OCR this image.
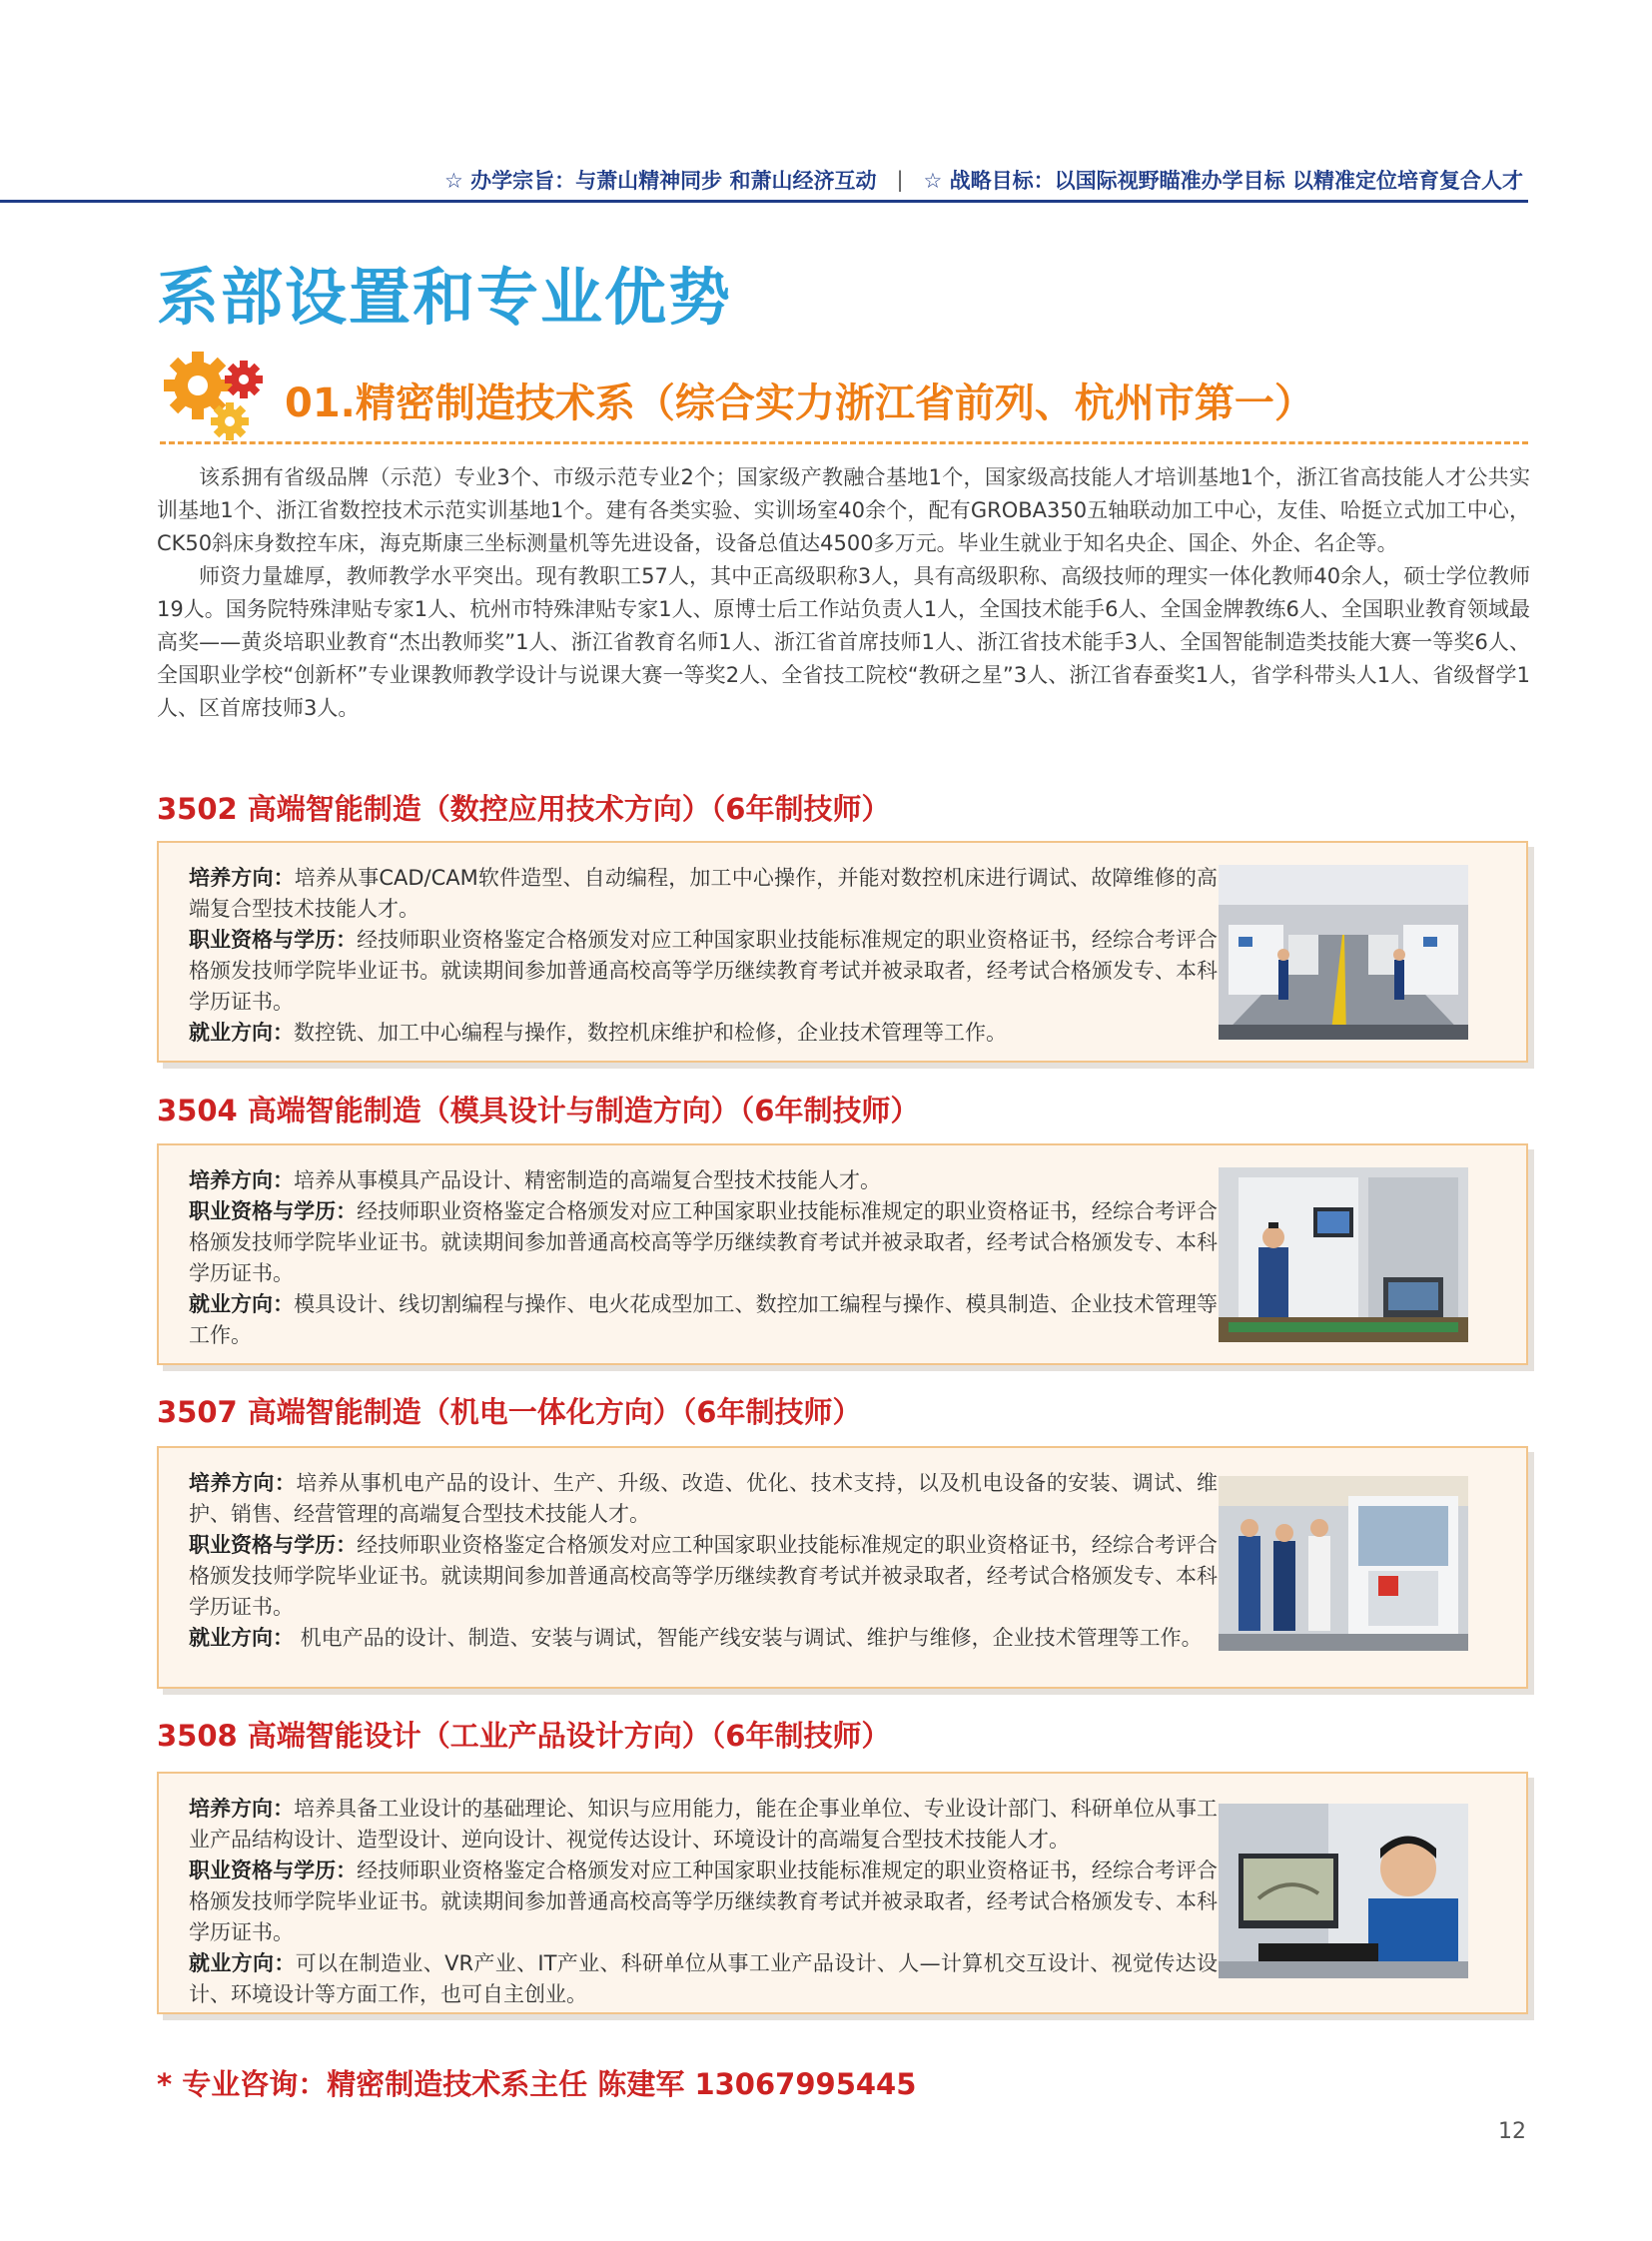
☆ 办学宗旨：与萧山精神同步 和萧山经济互动 | ☆ 战略目标：以国际视野瞄准办学目标 以精准定位培育复合人才
系部设置和专业优势
01.精密制造技术系（综合实力浙江省前列、杭州市第一）

该系拥有省级品牌（示范）专业3个、市级示范专业2个；国家级产教融合基地1个，国家级高技能人才培训基地1个，浙江省高技能人才公共实训基地1个、浙江省数控技术示范实训基地1个。建有各类实验、实训场室40余个，配有GROBA350五轴联动加工中心，友佳、哈挺立式加工中心，CK50斜床身数控车床，海克斯康三坐标测量机等先进设备，设备总值达4500多万元。毕业生就业于知名央企、国企、外企、名企等。

师资力量雄厚，教师教学水平突出。现有教职工57人，其中正高级职称3人，具有高级职称、高级技师的理实一体化教师40余人，硕士学位教师19人。国务院特殊津贴专家1人、杭州市特殊津贴专家1人、原博士后工作站负责人1人，全国技术能手6人、全国金牌教练6人、全国职业教育领域最高奖——黄炎培职业教育“杰出教师奖”1人、浙江省教育名师1人、浙江省首席技师1人、浙江省技术能手3人、全国智能制造类技能大赛一等奖6人、全国职业学校“创新杯”专业课教师教学设计与说课大赛一等奖2人、全省技工院校“教研之星”3人、浙江省春蚕奖1人，省学科带头人1人、省级督学1人、区首席技师3人。

3502 高端智能制造（数控应用技术方向）（6年制技师）

培养方向：培养从事CAD/CAM软件造型、自动编程，加工中心操作，并能对数控机床进行调试、故障维修的高端复合型技术技能人才。

职业资格与学历：经技师职业资格鉴定合格颁发对应工种国家职业技能标准规定的职业资格证书，经综合考评合格颁发技师学院毕业证书。就读期间参加普通高校高等学历继续教育考试并被录取者，经考试合格颁发专、本科学历证书。

就业方向：数控铣、加工中心编程与操作，数控机床维护和检修，企业技术管理等工作。

3504 高端智能制造（模具设计与制造方向）（6年制技师）

培养方向：培养从事模具产品设计、精密制造的高端复合型技术技能人才。

职业资格与学历：经技师职业资格鉴定合格颁发对应工种国家职业技能标准规定的职业资格证书，经综合考评合格颁发技师学院毕业证书。就读期间参加普通高校高等学历继续教育考试并被录取者，经考试合格颁发专、本科学历证书。

就业方向：模具设计、线切割编程与操作、电火花成型加工、数控加工编程与操作、模具制造、企业技术管理等工作。

3507 高端智能制造（机电一体化方向）（6年制技师）

培养方向：培养从事机电产品的设计、生产、升级、改造、优化、技术支持，以及机电设备的安装、调试、维护、销售、经营管理的高端复合型技术技能人才。

职业资格与学历：经技师职业资格鉴定合格颁发对应工种国家职业技能标准规定的职业资格证书，经综合考评合格颁发技师学院毕业证书。就读期间参加普通高校高等学历继续教育考试并被录取者，经考试合格颁发专、本科学历证书。

就业方向： 机电产品的设计、制造、安装与调试，智能产线安装与调试、维护与维修，企业技术管理等工作。

3508 高端智能设计（工业产品设计方向）（6年制技师）

培养方向：培养具备工业设计的基础理论、知识与应用能力，能在企事业单位、专业设计部门、科研单位从事工业产品结构设计、造型设计、逆向设计、视觉传达设计、环境设计的高端复合型技术技能人才。

职业资格与学历：经技师职业资格鉴定合格颁发对应工种国家职业技能标准规定的职业资格证书，经综合考评合格颁发技师学院毕业证书。就读期间参加普通高校高等学历继续教育考试并被录取者，经考试合格颁发专、本科学历证书。

就业方向：可以在制造业、VR产业、IT产业、科研单位从事工业产品设计、人—计算机交互设计、视觉传达设计、环境设计等方面工作，也可自主创业。

* 专业咨询：精密制造技术系主任 陈建军 13067995445
12
